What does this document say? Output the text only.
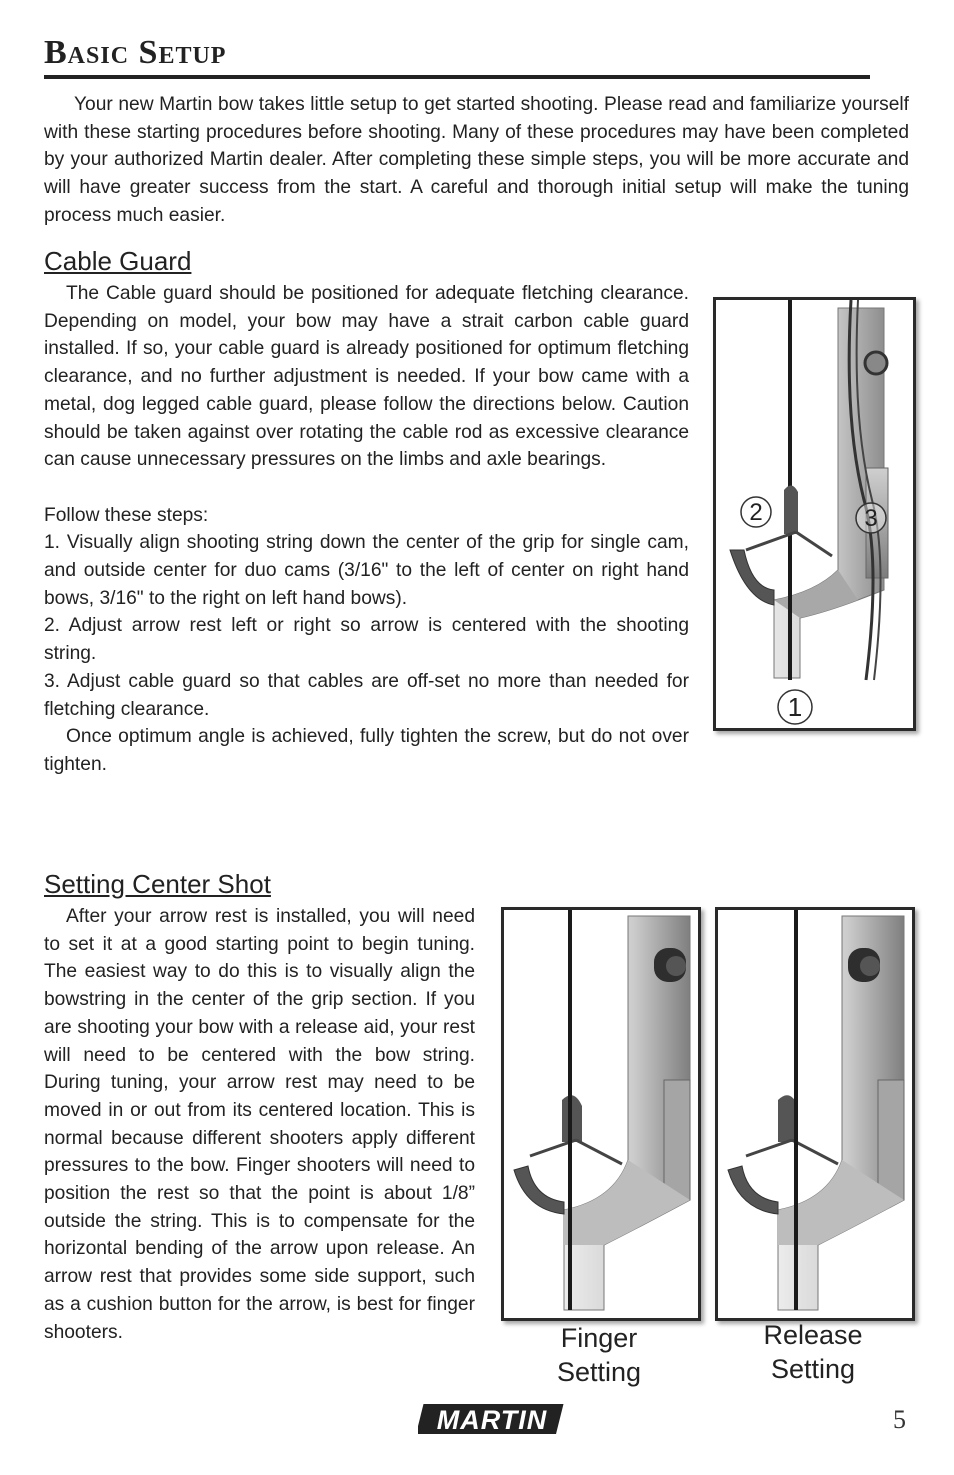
Basic Setup

Your new Martin bow takes little setup to get started shooting. Please read and familiarize yourself with these starting procedures before shooting. Many of these procedures may have been completed by your authorized Martin dealer. After completing these simple steps, you will be more accurate and will have greater success from the start. A careful and thorough initial setup will make the tuning process much easier.

Cable Guard

The Cable guard should be positioned for adequate fletching clearance. Depending on model, your bow may have a strait carbon cable guard installed. If so, your cable guard is already positioned for optimum fletching clearance, and no further adjustment is needed. If your bow came with a metal, dog legged cable guard, please follow the directions below. Caution should be taken against over rotating the cable rod as excessive clearance can cause unnecessary pressures on the limbs and axle bearings.

Follow these steps:

1. Visually align shooting string down the center of the grip for single cam, and outside center for duo cams (3/16" to the left of center on right hand bows, 3/16" to the right on left hand bows).

2. Adjust arrow rest left or right so arrow is centered with the shooting string.

3. Adjust cable guard so that cables are off-set no more than needed for fletching clearance.

Once optimum angle is achieved, fully tighten the screw, but do not over tighten.

2	3
1
Setting Center Shot

After your arrow rest is installed, you will need to set it at a good starting point to begin tuning. The easiest way to do this is to visually align the bowstring in the center of the grip section. If you are shooting your bow with a release aid, your rest will need to be centered with the bow string. During tuning, your arrow rest may need to be moved in or out from its centered location. This is normal because different shooters apply different pressures to the bow. Finger shooters will need to position the rest so that the point is about 1/8” outside the string. This is to compensate for the horizontal bending of the arrow upon release. An arrow rest that provides some side support, such as a cushion button for the arrow, is best for finger shooters.	Finger
Setting
Release
Setting
MARTIN	5
